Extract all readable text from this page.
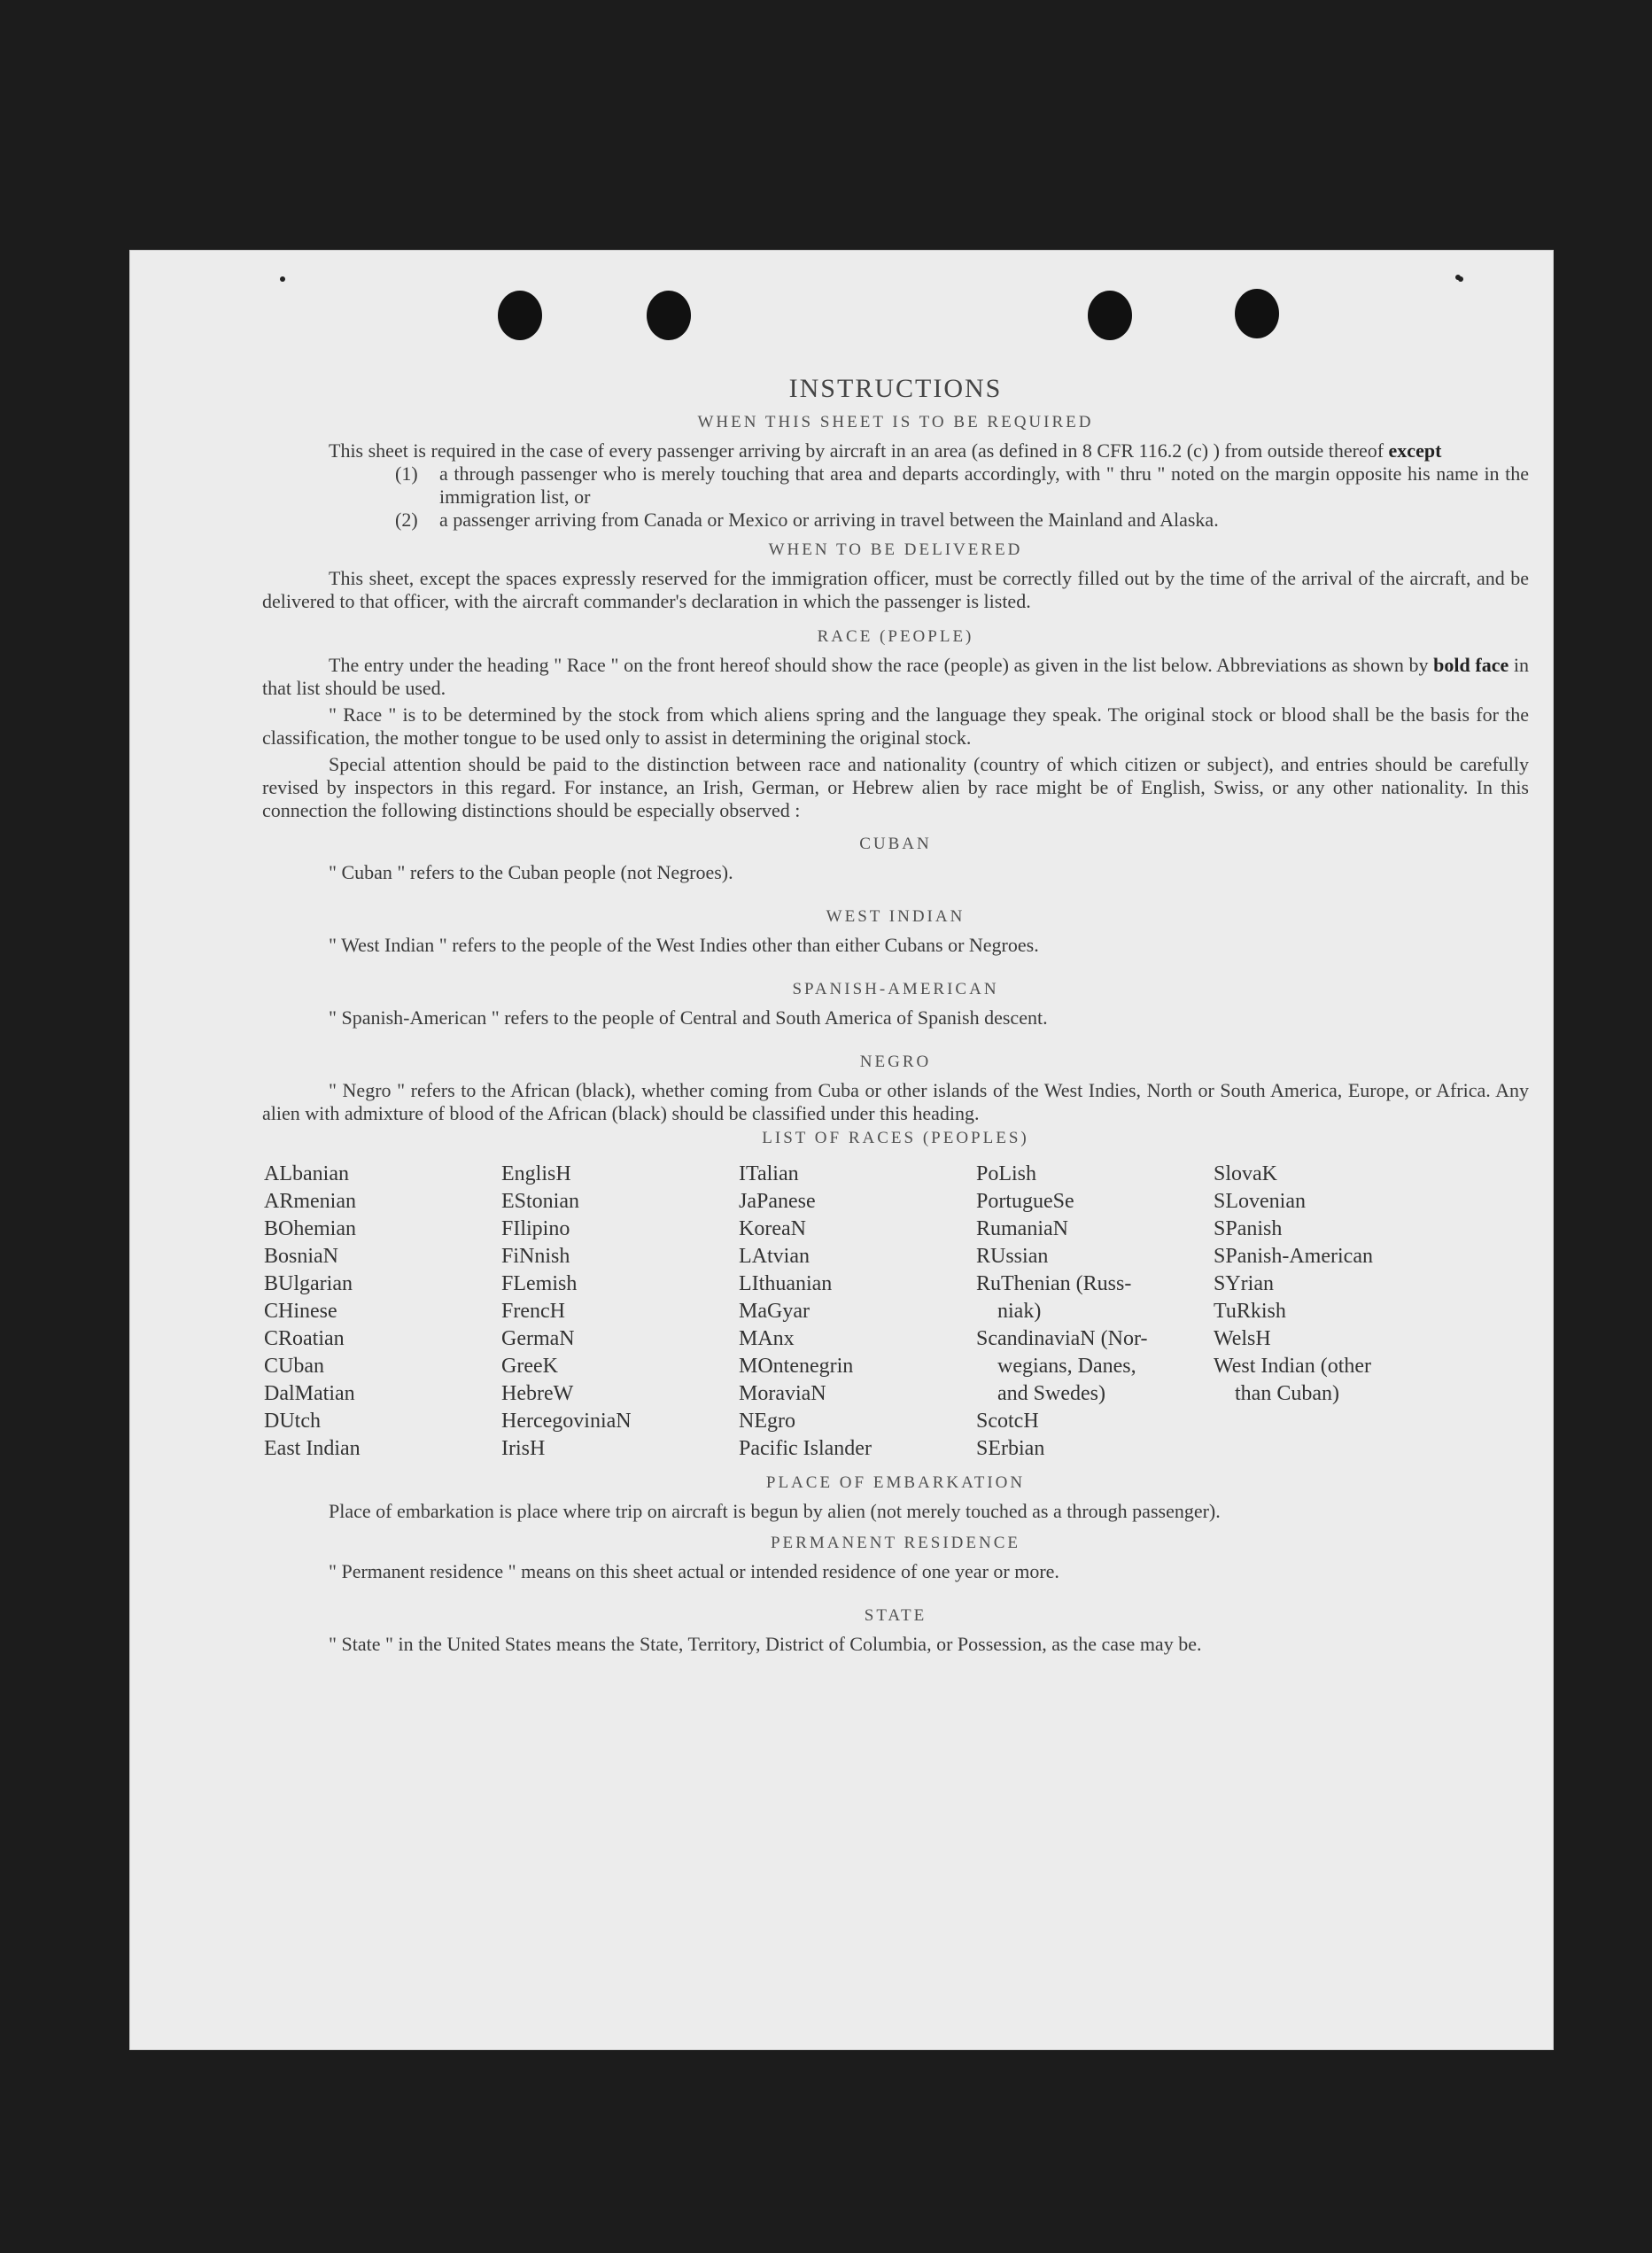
INSTRUCTIONS
WHEN THIS SHEET IS TO BE REQUIRED

This sheet is required in the case of every passenger arriving by aircraft in an area (as defined in 8 CFR 116.2 (c) ) from outside thereof except

(1)	a through passenger who is merely touching that area and departs accordingly, with " thru " noted on the margin opposite his name in the immigration list, or
(2)	a passenger arriving from Canada or Mexico or arriving in travel between the Mainland and Alaska.
WHEN TO BE DELIVERED

This sheet, except the spaces expressly reserved for the immigration officer, must be correctly filled out by the time of the arrival of the aircraft, and be delivered to that officer, with the aircraft commander's declaration in which the passenger is listed.

RACE (PEOPLE)

The entry under the heading " Race " on the front hereof should show the race (people) as given in the list below. Abbreviations as shown by bold face in that list should be used.

" Race " is to be determined by the stock from which aliens spring and the language they speak. The original stock or blood shall be the basis for the classification, the mother tongue to be used only to assist in determining the original stock.

Special attention should be paid to the distinction between race and nationality (country of which citizen or subject), and entries should be carefully revised by inspectors in this regard. For instance, an Irish, German, or Hebrew alien by race might be of English, Swiss, or any other nationality. In this connection the following distinctions should be especially observed :

CUBAN

" Cuban " refers to the Cuban people (not Negroes).

WEST INDIAN

" West Indian " refers to the people of the West Indies other than either Cubans or Negroes.

SPANISH-AMERICAN

" Spanish-American " refers to the people of Central and South America of Spanish descent.

NEGRO

" Negro " refers to the African (black), whether coming from Cuba or other islands of the West Indies, North or South America, Europe, or Africa. Any alien with admixture of blood of the African (black) should be classified under this heading.

LIST OF RACES (PEOPLES)
ALbanian
ARmenian
BOhemian
BosniaN
BUlgarian
CHinese
CRoatian
CUban
DalMatian
DUtch
East Indian
EnglisH
EStonian
FIlipino
FiNnish
FLemish
FrencH
GermaN
GreeK
HebreW
HercegoviniaN
IrisH
ITalian
JaPanese
KoreaN
LAtvian
LIthuanian
MaGyar
MAnx
MOntenegrin
MoraviaN
NEgro
Pacific Islander
PoLish
PortugueSe
RumaniaN
RUssian
RuThenian (Russ-
niak)
ScandinaviaN (Nor-
wegians, Danes,
and Swedes)
ScotcH
SErbian
SlovaK
SLovenian
SPanish
SPanish-American
SYrian
TuRkish
WelsH
West Indian (other
than Cuban)
PLACE OF EMBARKATION

Place of embarkation is place where trip on aircraft is begun by alien (not merely touched as a through passenger).

PERMANENT RESIDENCE

" Permanent residence " means on this sheet actual or intended residence of one year or more.

STATE

" State " in the United States means the State, Territory, District of Columbia, or Possession, as the case may be.
